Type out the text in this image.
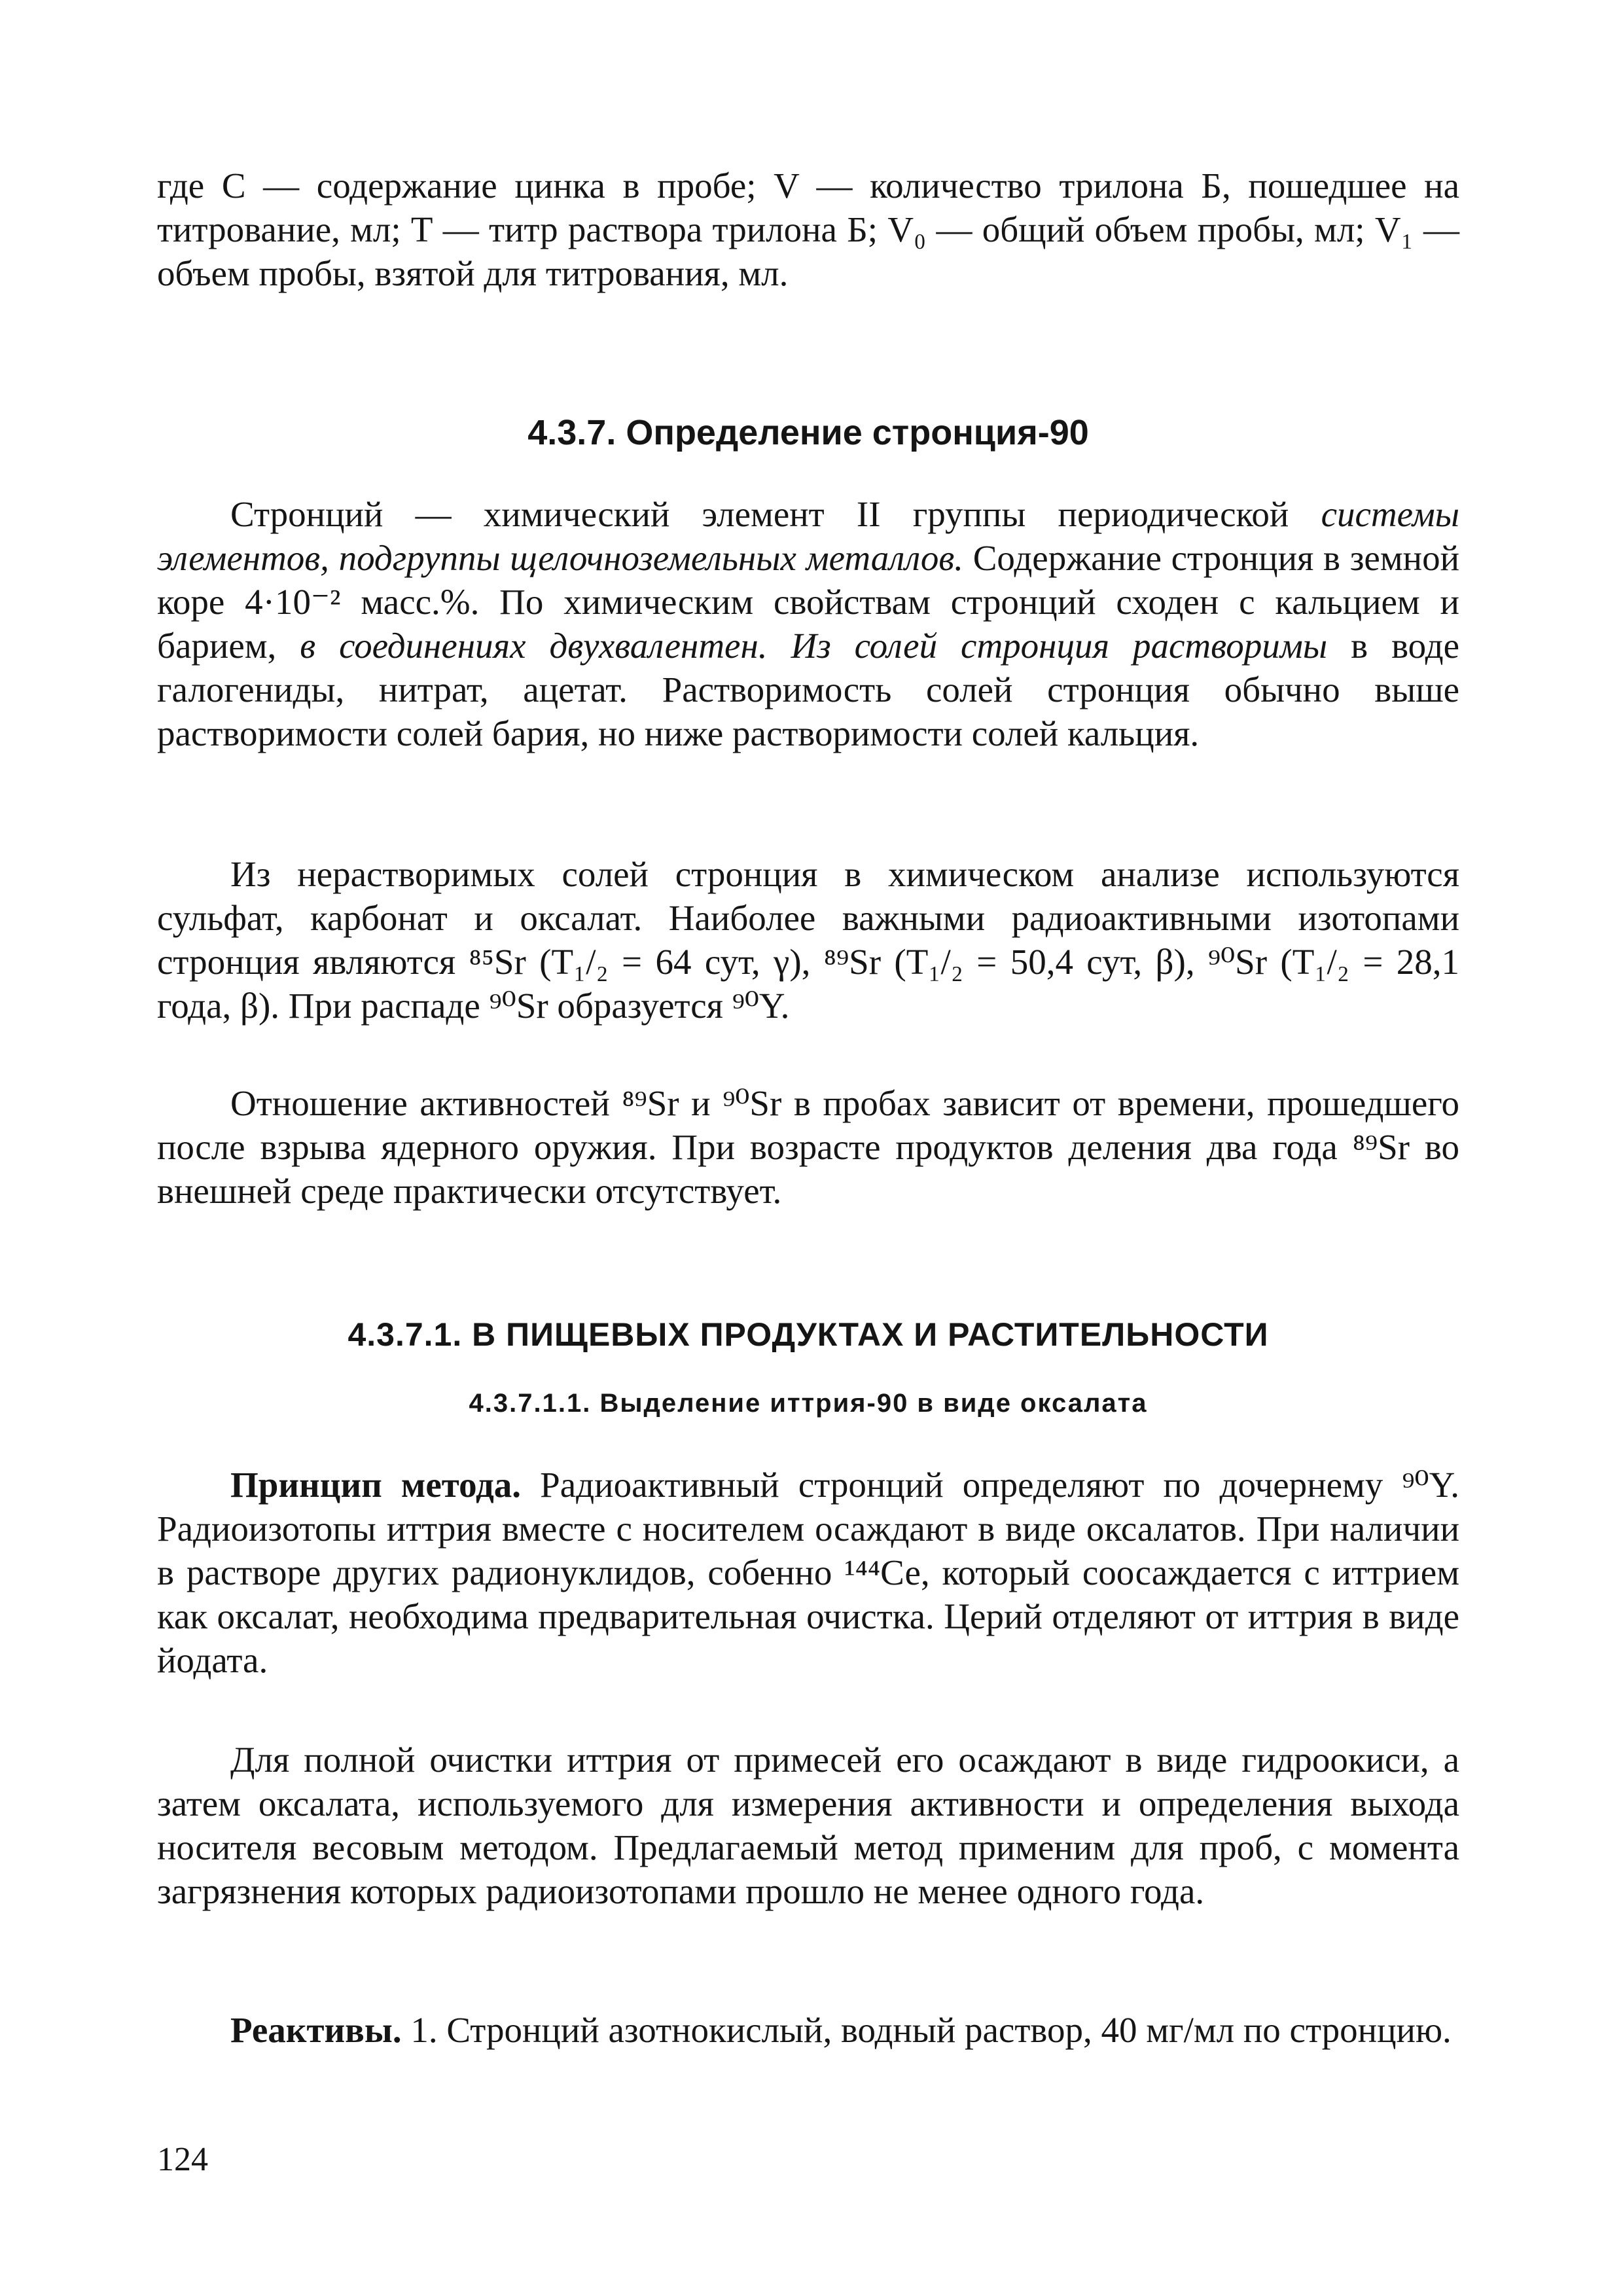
где С — содержание цинка в пробе; V — количество трилона Б, пошедшее на титрование, мл; Т — титр раствора трилона Б; V₀ — общий объем пробы, мл; V₁ — объем пробы, взятой для титрования, мл.

4.3.7. Определение стронция-90

Стронций — химический элемент II группы периодической системы элементов, подгруппы щелочноземельных металлов. Содержание стронция в земной коре 4·10⁻² масс.%. По химическим свойствам стронций сходен с кальцием и барием, в соединениях двухвалентен. Из солей стронция растворимы в воде галогениды, нитрат, ацетат. Растворимость солей стронция обычно выше растворимости солей бария, но ниже растворимости солей кальция.

Из нерастворимых солей стронция в химическом анализе используются сульфат, карбонат и оксалат. Наиболее важными радиоактивными изотопами стронция являются ⁸⁵Sr (T₁/₂ = 64 сут, γ), ⁸⁹Sr (T₁/₂ = 50,4 сут, β), ⁹⁰Sr (T₁/₂ = 28,1 года, β). При распаде ⁹⁰Sr образуется ⁹⁰Y.

Отношение активностей ⁸⁹Sr и ⁹⁰Sr в пробах зависит от времени, прошедшего после взрыва ядерного оружия. При возрасте продуктов деления два года ⁸⁹Sr во внешней среде практически отсутствует.

4.3.7.1. В ПИЩЕВЫХ ПРОДУКТАХ И РАСТИТЕЛЬНОСТИ
4.3.7.1.1. Выделение иттрия-90 в виде оксалата

Принцип метода. Радиоактивный стронций определяют по дочернему ⁹⁰Y. Радиоизотопы иттрия вместе с носителем осаждают в виде оксалатов. При наличии в растворе других радионуклидов, собенно ¹⁴⁴Се, который соосаждается с иттрием как оксалат, необходима предварительная очистка. Церий отделяют от иттрия в виде йодата.

Для полной очистки иттрия от примесей его осаждают в виде гидроокиси, а затем оксалата, используемого для измерения активности и определения выхода носителя весовым методом. Предлагаемый метод применим для проб, с момента загрязнения которых радиоизотопами прошло не менее одного года.

Реактивы. 1. Стронций азотнокислый, водный раствор, 40 мг/мл по стронцию.

124
